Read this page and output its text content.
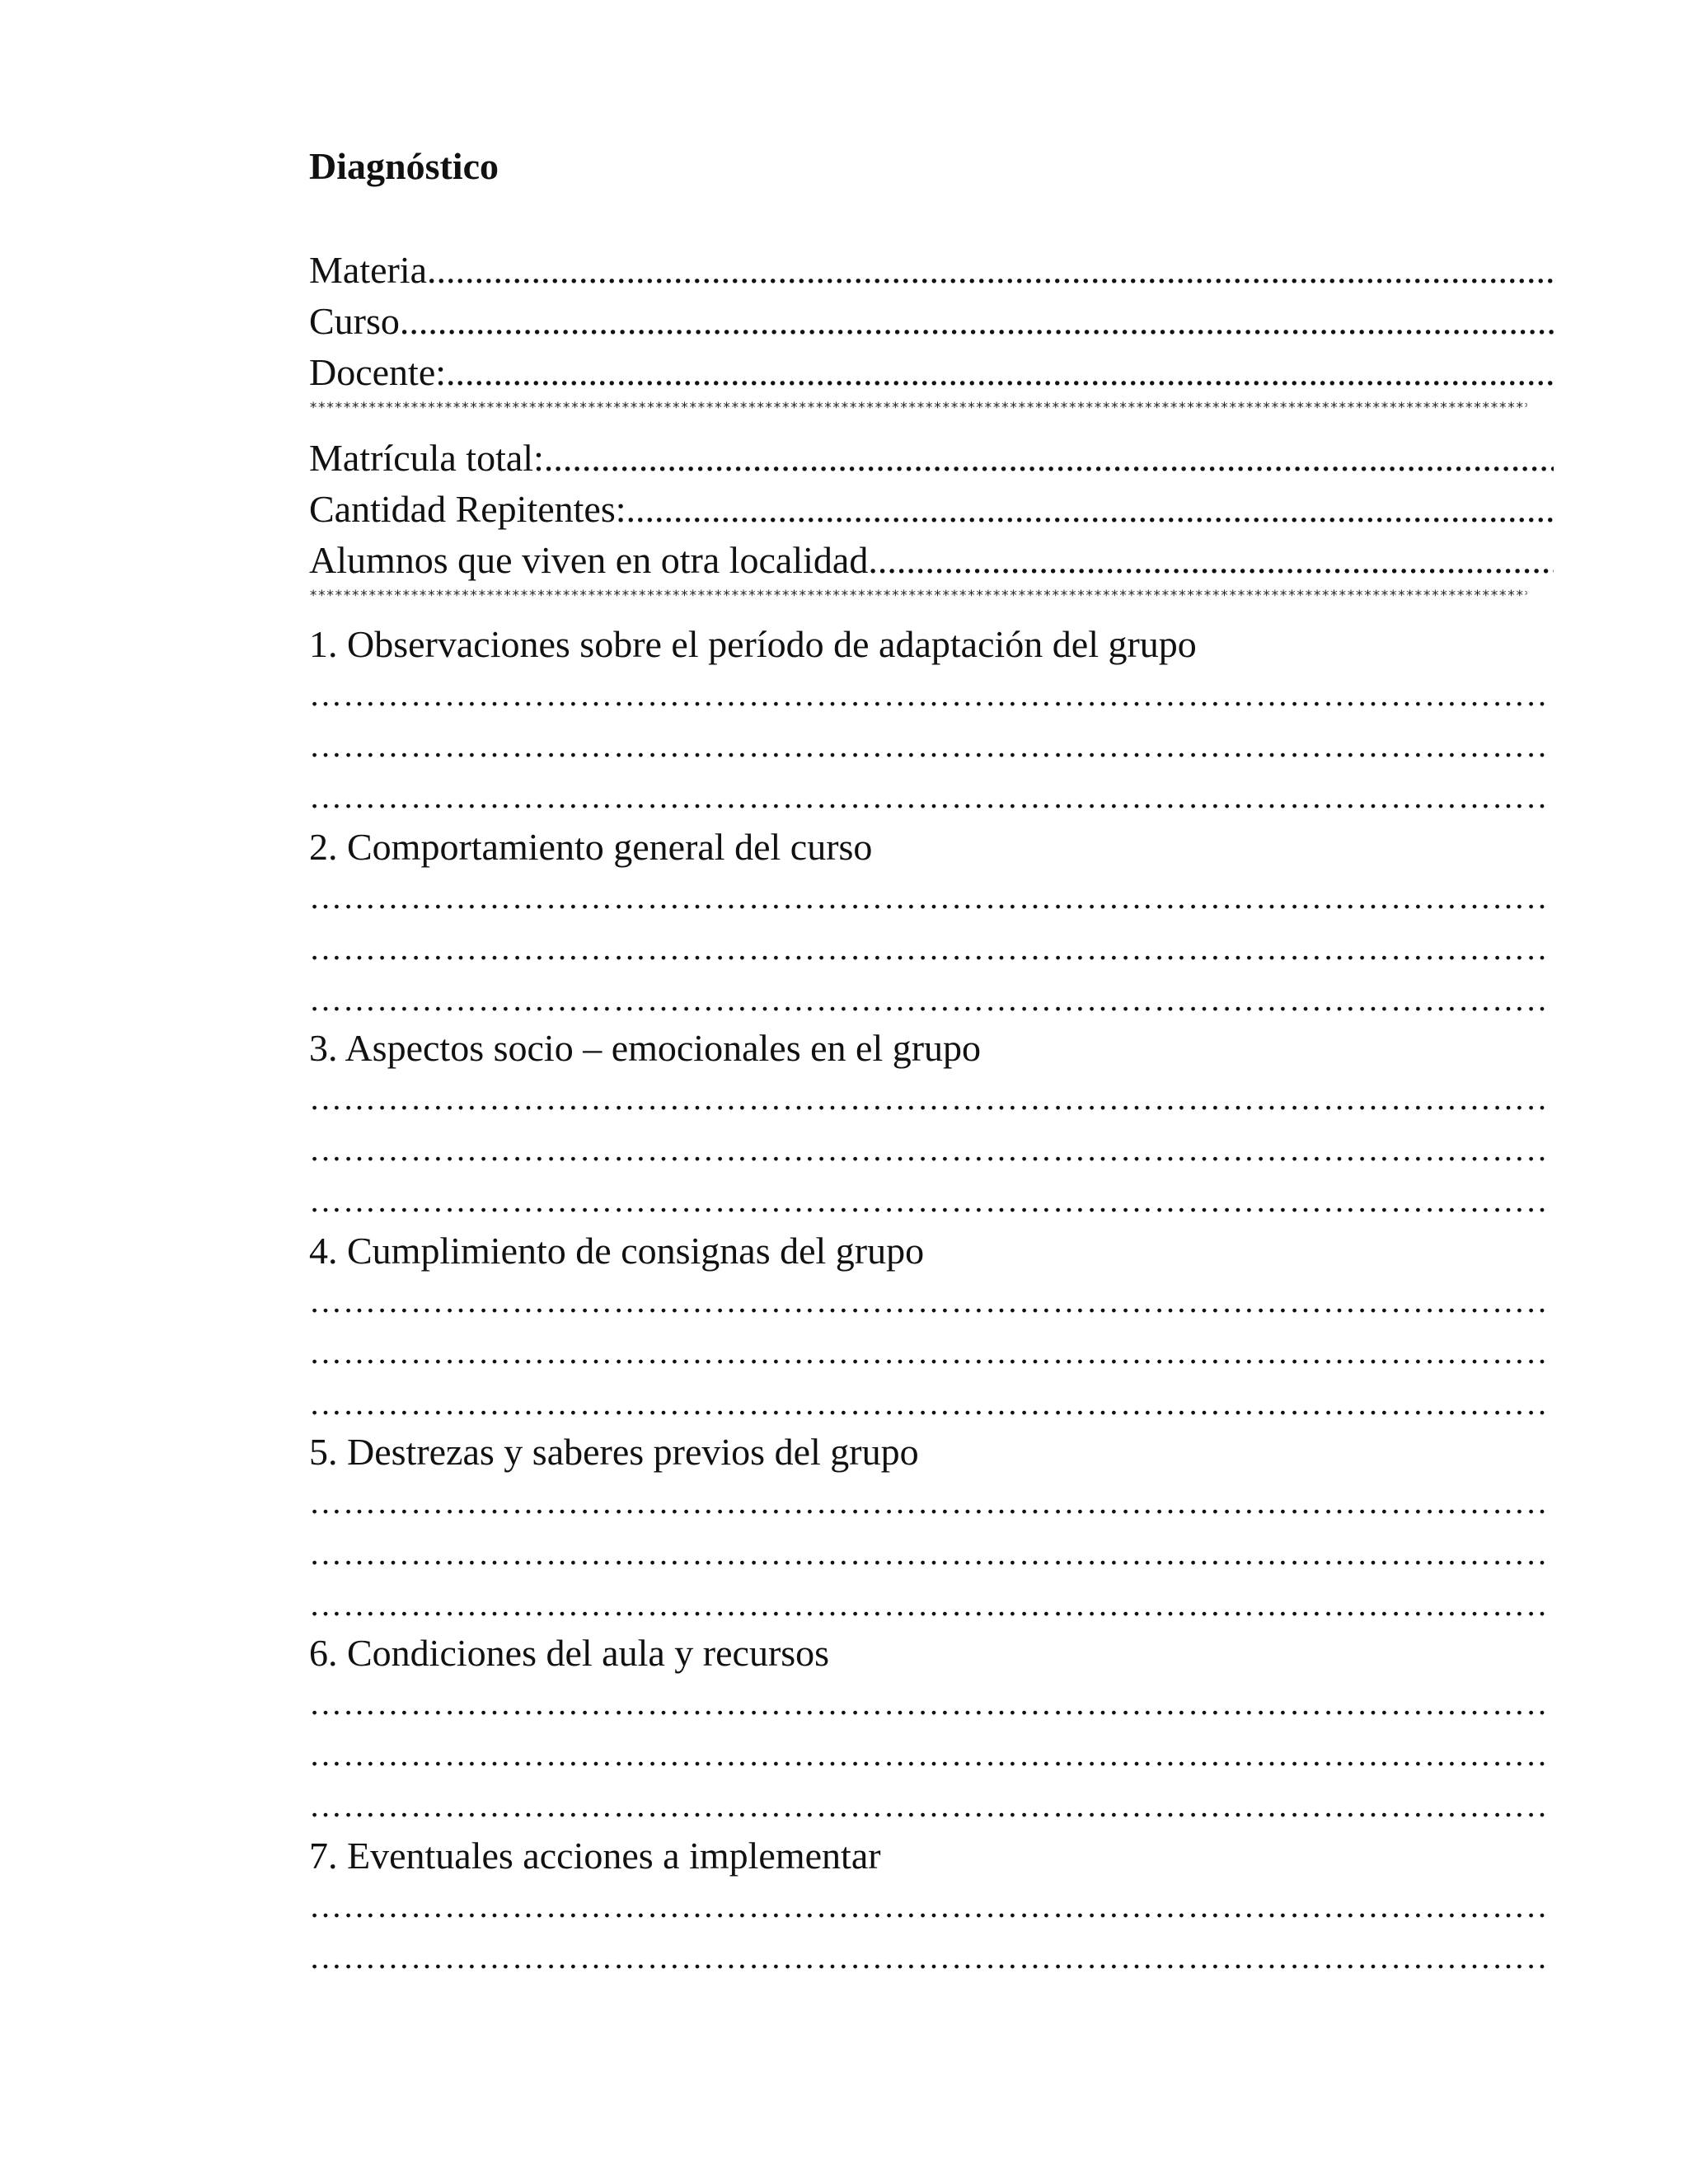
Diagnóstico
Materia
.....
Curso
.....
Docente:
.....
*****
Matrícula total:
.....
Cantidad Repitentes:
.....
Alumnos que viven en otra localidad
.....
*****
1. Observaciones sobre el período de adaptación del grupo
…………………………………………………………………………………………………………………………………………………………………………………………………………………………………………………………
…………………………………………………………………………………………………………………………………………………………………………………………………………………………………………………………
…………………………………………………………………………………………………………………………………………………………………………………………………………………………………………………………
2. Comportamiento general del curso
…………………………………………………………………………………………………………………………………………………………………………………………………………………………………………………………
…………………………………………………………………………………………………………………………………………………………………………………………………………………………………………………………
…………………………………………………………………………………………………………………………………………………………………………………………………………………………………………………………
3. Aspectos socio – emocionales en el grupo
…………………………………………………………………………………………………………………………………………………………………………………………………………………………………………………………
…………………………………………………………………………………………………………………………………………………………………………………………………………………………………………………………
…………………………………………………………………………………………………………………………………………………………………………………………………………………………………………………………
4. Cumplimiento de consignas del grupo
…………………………………………………………………………………………………………………………………………………………………………………………………………………………………………………………
…………………………………………………………………………………………………………………………………………………………………………………………………………………………………………………………
…………………………………………………………………………………………………………………………………………………………………………………………………………………………………………………………
5. Destrezas y saberes previos del grupo
…………………………………………………………………………………………………………………………………………………………………………………………………………………………………………………………
…………………………………………………………………………………………………………………………………………………………………………………………………………………………………………………………
…………………………………………………………………………………………………………………………………………………………………………………………………………………………………………………………
6. Condiciones del aula y recursos
…………………………………………………………………………………………………………………………………………………………………………………………………………………………………………………………
…………………………………………………………………………………………………………………………………………………………………………………………………………………………………………………………
…………………………………………………………………………………………………………………………………………………………………………………………………………………………………………………………
7. Eventuales acciones a implementar
…………………………………………………………………………………………………………………………………………………………………………………………………………………………………………………………
…………………………………………………………………………………………………………………………………………………………………………………………………………………………………………………………
